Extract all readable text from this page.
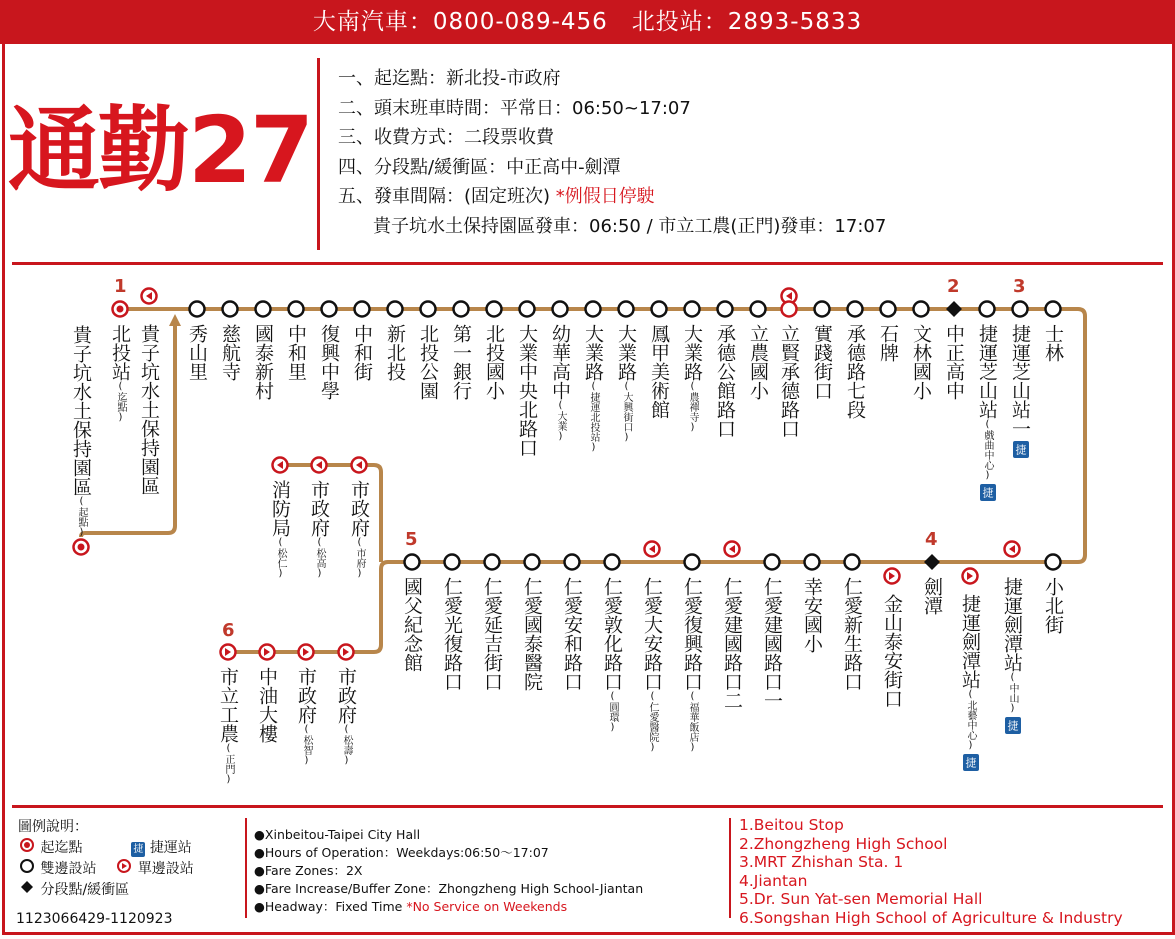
大南汽車：0800-089-456　北投站：2893-5833
通勤27
一、起迄點：新北投-市政府
二、頭末班車時間：平常日：06:50~17:07
三、收費方式：二段票收費
四、分段點/緩衝區：中正高中-劍潭
五、發車間隔：(固定班次) *例假日停駛
貴子坑水土保持園區發車：06:50 / 市立工農(正門)發車：17:07
貴子坑水土保持園區(起點)
北投站(迄點) 貴子坑水土保持園區 秀山里 慈航寺 國泰新村 中和里 復興中學 中和街 新北投 北投公園 第一銀行 北投國小 大業中央北路口 幼華高中(大業)
大業路(捷運北投站)
大業路(大興街口) 鳳甲美術館 大業路(農禪寺) 承德公館路口 立農國小 立賢承德路口 實踐街口 承德路七段 石牌 文林國小 中正高中 捷運芝山站(戲曲中心)捷
捷運芝山站一捷
士林
小北街
捷運劍潭站(中山)捷
捷運劍潭站(北藝中心)捷
劍潭
金山泰安街口
仁愛新生路口
幸安國小
仁愛建國路口一
仁愛建國路口二
仁愛復興路口(福華飯店)
仁愛大安路口(仁愛醫院)
仁愛敦化路口(圓環)
仁愛安和路口
仁愛國泰醫院
仁愛延吉街口
仁愛光復路口
國父紀念館
市政府(市府)
市政府(松高)
消防局(松仁)
市政府(松壽)
市政府(松智)
中油大樓
市立工農(正門)
1	2	3
4
5
6
圖例說明：
起迄點	捷 捷運站
雙邊設站	單邊設站
分段點/緩衝區
1123066429-1120923
●Xinbeitou-Taipei City Hall
●Hours of Operation：Weekdays:06:50～17:07
●Fare Zones：2X
●Fare Increase/Buffer Zone：Zhongzheng High School-Jiantan
●Headway：Fixed Time *No Service on Weekends
1.Beitou Stop
2.Zhongzheng High School
3.MRT Zhishan Sta. 1
4.Jiantan
5.Dr. Sun Yat-sen Memorial Hall
6.Songshan High School of Agriculture & Industry
